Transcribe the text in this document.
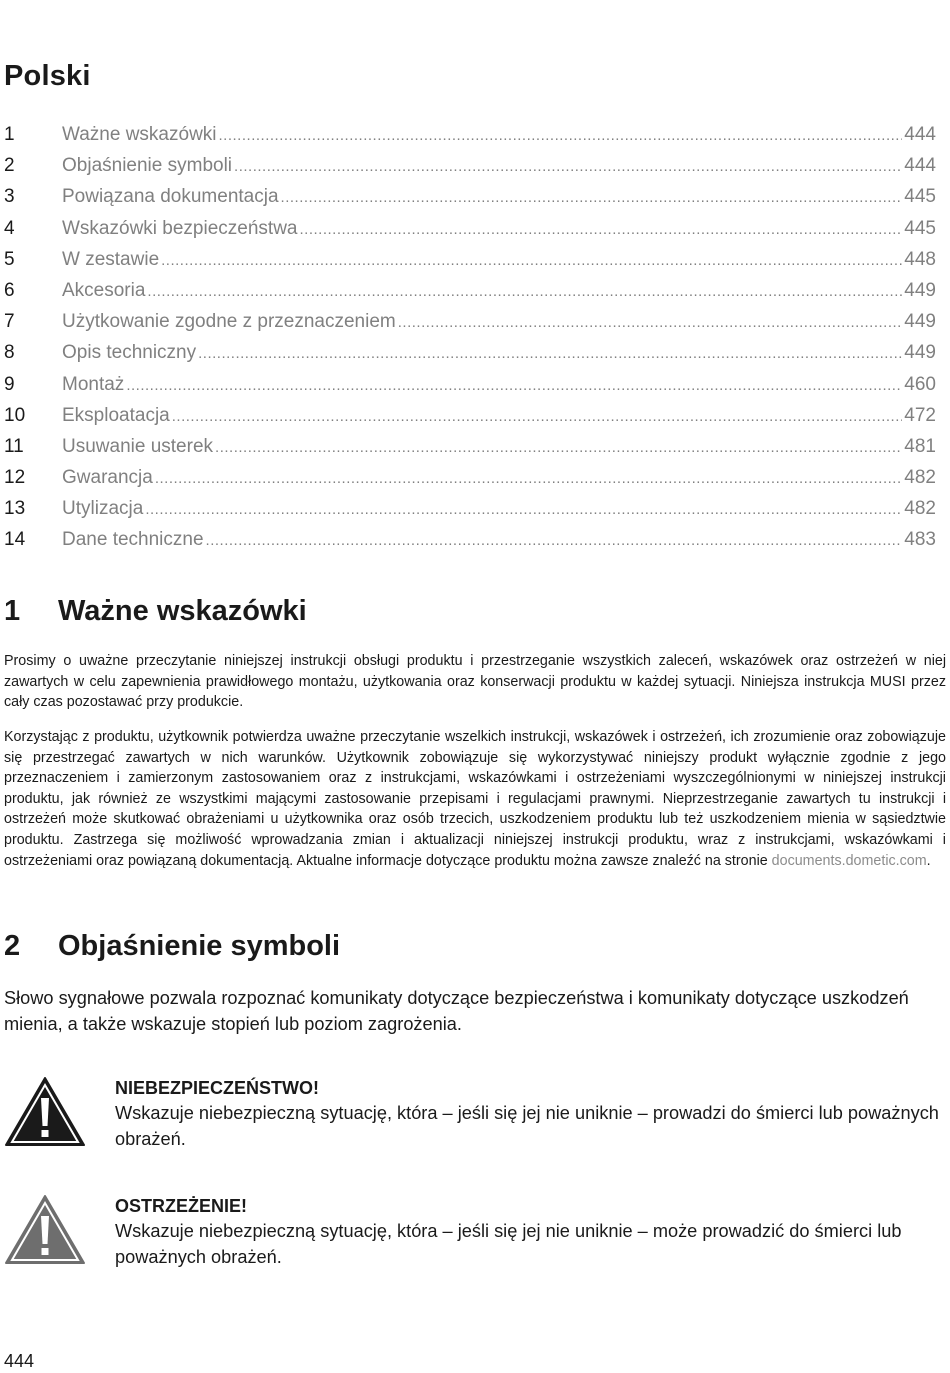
Polski
1	Ważne wskazówki .....	444
2	Objaśnienie symboli .....	444
3	Powiązana dokumentacja .....	445
4	Wskazówki bezpieczeństwa .....	445
5	W zestawie .....	448
6	Akcesoria .....	449
7	Użytkowanie zgodne z przeznaczeniem .....	449
8	Opis techniczny .....	449
9	Montaż .....	460
10	Eksploatacja .....	472
11	Usuwanie usterek .....	481
12	Gwarancja .....	482
13	Utylizacja .....	482
14	Dane techniczne .....	483
1	Ważne wskazówki

Prosimy o uważne przeczytanie niniejszej instrukcji obsługi produktu i przestrzeganie wszystkich zaleceń, wskazówek oraz ostrzeżeń w niej zawartych w celu zapewnienia prawidłowego montażu, użytkowania oraz konserwacji produktu w każdej sytuacji. Niniejsza instrukcja MUSI przez cały czas pozostawać przy produkcie.

Korzystając z produktu, użytkownik potwierdza uważne przeczytanie wszelkich instrukcji, wskazówek i ostrzeżeń, ich zrozumienie oraz zobowiązuje się przestrzegać zawartych w nich warunków. Użytkownik zobowiązuje się wykorzystywać niniejszy produkt wyłącznie zgodnie z jego przeznaczeniem i zamierzonym zastosowaniem oraz z instrukcjami, wskazówkami i ostrzeżeniami wyszczególnionymi w niniejszej instrukcji produktu, jak również ze wszystkimi mającymi zastosowanie przepisami i regulacjami prawnymi. Nieprzestrzeganie zawartych tu instrukcji i ostrzeżeń może skutkować obrażeniami u użytkownika oraz osób trzecich, uszkodzeniem produktu lub też uszkodzeniem mienia w sąsiedztwie produktu. Zastrzega się możliwość wprowadzania zmian i aktualizacji niniejszej instrukcji produktu, wraz z instrukcjami, wskazówkami i ostrzeżeniami oraz powiązaną dokumentacją. Aktualne informacje dotyczące produktu można zawsze znaleźć na stronie documents.dometic.com.

2	Objaśnienie symboli

Słowo sygnałowe pozwala rozpoznać komunikaty dotyczące bezpieczeństwa i komunikaty dotyczące uszkodzeń mienia, a także wskazuje stopień lub poziom zagrożenia.

NIEBEZPIECZEŃSTWO!

Wskazuje niebezpieczną sytuację, która – jeśli się jej nie uniknie – prowadzi do śmierci lub poważnych obrażeń.

OSTRZEŻENIE!

Wskazuje niebezpieczną sytuację, która – jeśli się jej nie uniknie – może prowadzić do śmierci lub poważnych obrażeń.

444
